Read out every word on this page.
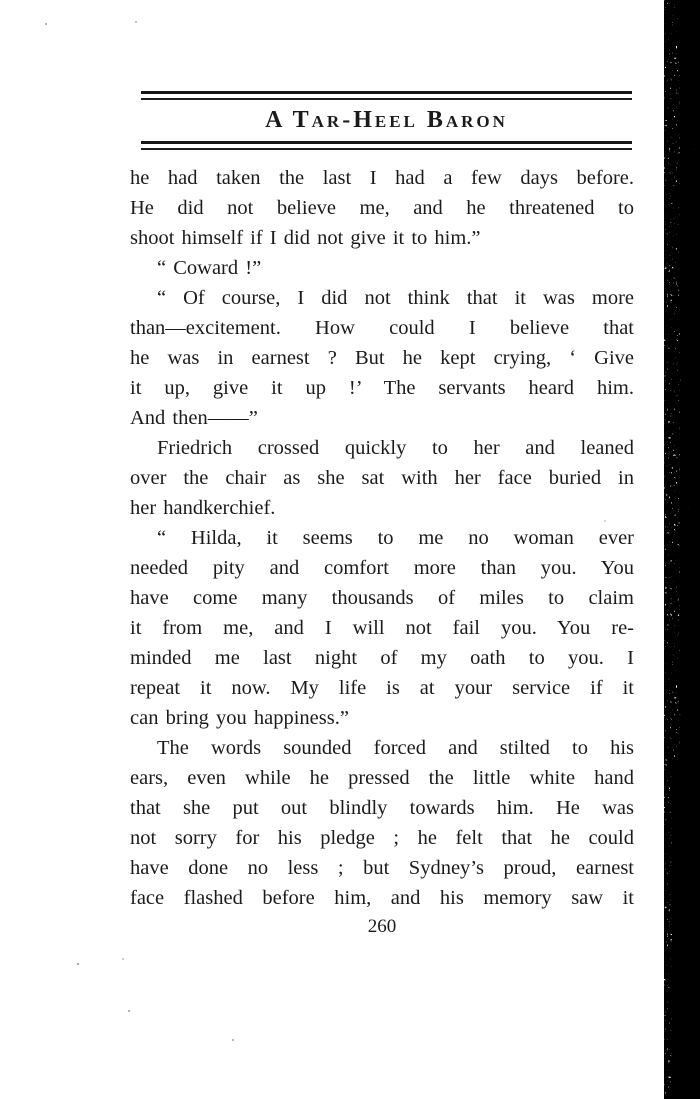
A Tar-Heel Baron
he had taken the last I had a few days before.
He did not believe me, and he threatened to
shoot himself if I did not give it to him.”
“ Coward !”
“ Of course, I did not think that it was more
than—excitement. How could I believe that
he was in earnest ? But he kept crying, ‘ Give
it up, give it up !’ The servants heard him.
And then——”
Friedrich crossed quickly to her and leaned
over the chair as she sat with her face buried in
her handkerchief.
“ Hilda, it seems to me no woman ever
needed pity and comfort more than you. You
have come many thousands of miles to claim
it from me, and I will not fail you. You re-
minded me last night of my oath to you. I
repeat it now. My life is at your service if it
can bring you happiness.”
The words sounded forced and stilted to his
ears, even while he pressed the little white hand
that she put out blindly towards him. He was
not sorry for his pledge ; he felt that he could
have done no less ; but Sydney’s proud, earnest
face flashed before him, and his memory saw it
260
